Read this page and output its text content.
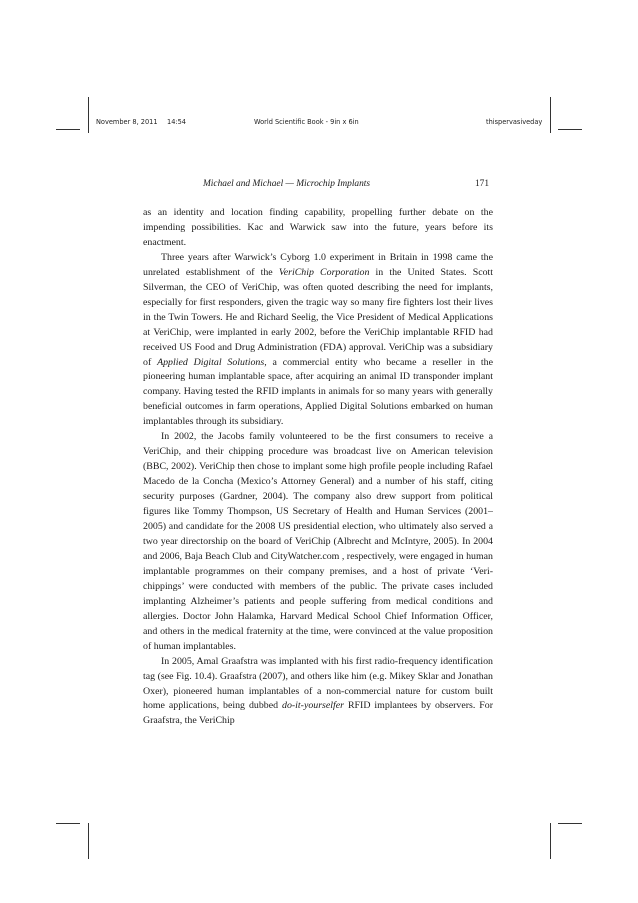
November 8, 2011 14:54	World Scientific Book - 9in x 6in	thispervasiveday
Michael and Michael — Microchip Implants	171

as an identity and location finding capability, propelling further debate on the impending possibilities. Kac and Warwick saw into the future, years before its enactment.

Three years after Warwick’s Cyborg 1.0 experiment in Britain in 1998 came the unrelated establishment of the VeriChip Corporation in the United States. Scott Silverman, the CEO of VeriChip, was often quoted describing the need for implants, especially for first responders, given the tragic way so many fire fighters lost their lives in the Twin Towers. He and Richard Seelig, the Vice President of Medical Applications at VeriChip, were implanted in early 2002, before the VeriChip implantable RFID had received US Food and Drug Administration (FDA) approval. VeriChip was a subsidiary of Applied Digital Solutions, a commercial entity who became a reseller in the pioneering human implantable space, after acquiring an animal ID transponder implant company. Having tested the RFID implants in animals for so many years with generally beneficial outcomes in farm operations, Applied Digital Solutions embarked on human implantables through its subsidiary.

In 2002, the Jacobs family volunteered to be the first consumers to receive a VeriChip, and their chipping procedure was broadcast live on American television (BBC, 2002). VeriChip then chose to implant some high profile people including Rafael Macedo de la Concha (Mexico’s Attorney General) and a number of his staff, citing security purposes (Gardner, 2004). The company also drew support from political figures like Tommy Thompson, US Secretary of Health and Human Services (2001–2005) and candidate for the 2008 US presidential election, who ultimately also served a two year directorship on the board of VeriChip (Albrecht and McIntyre, 2005). In 2004 and 2006, Baja Beach Club and CityWatcher.com , respectively, were engaged in human implantable programmes on their company premises, and a host of private ‘Veri-chippings’ were conducted with members of the public. The private cases included implanting Alzheimer’s patients and people suffering from medical conditions and allergies. Doctor John Halamka, Harvard Medical School Chief Information Officer, and others in the medical fraternity at the time, were convinced at the value proposition of human implantables.

In 2005, Amal Graafstra was implanted with his first radio-frequency identification tag (see Fig. 10.4). Graafstra (2007), and others like him (e.g. Mikey Sklar and Jonathan Oxer), pioneered human implantables of a non-commercial nature for custom built home applications, being dubbed do-it-yourselfer RFID implantees by observers. For Graafstra, the VeriChip
